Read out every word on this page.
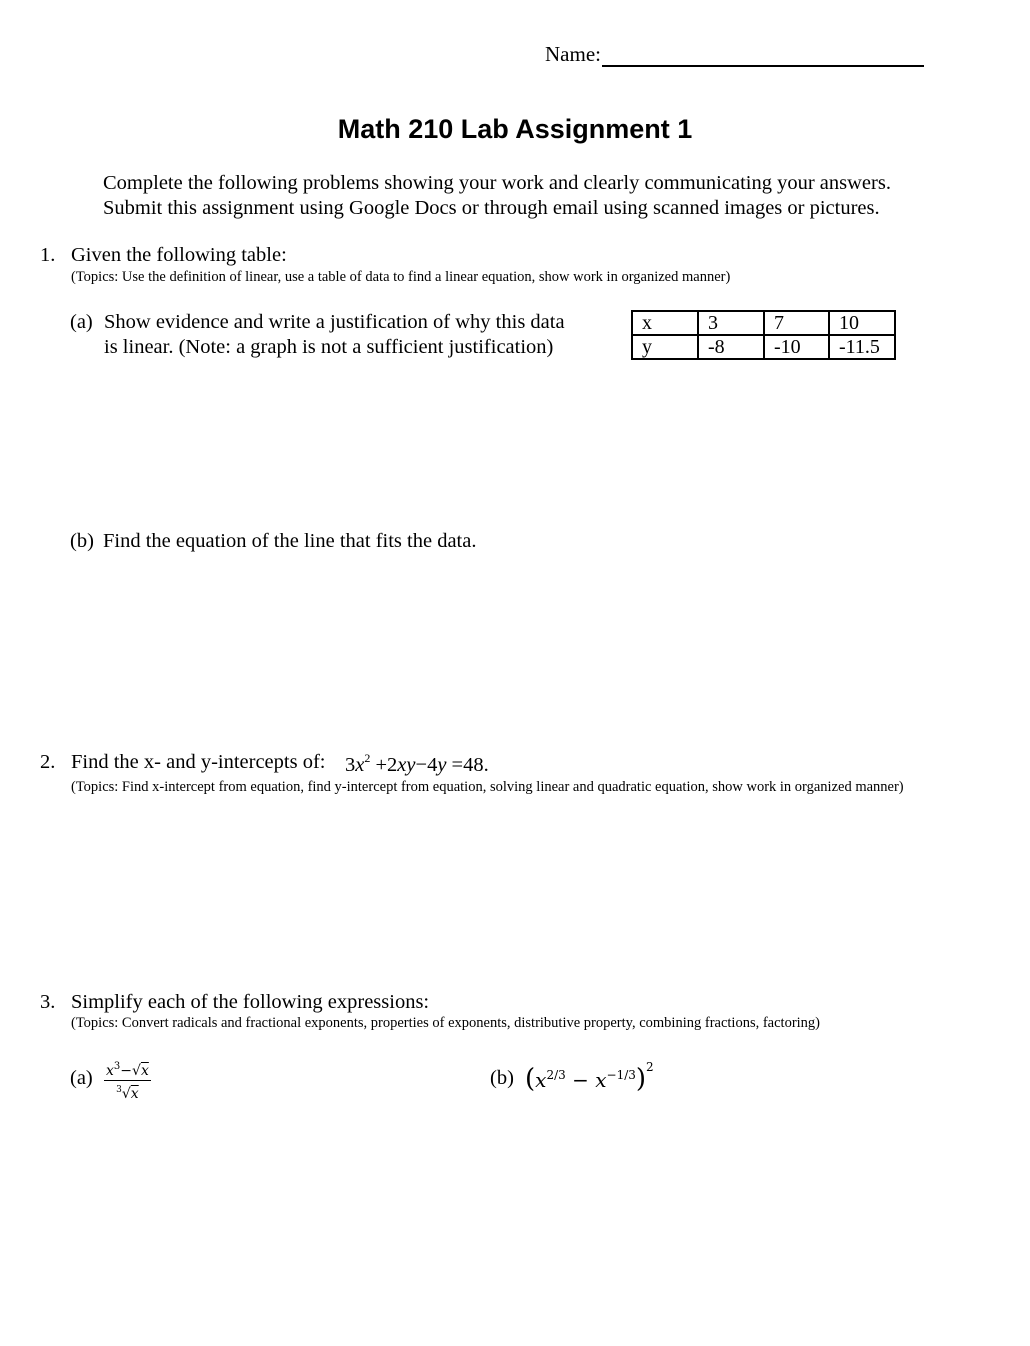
Name:
Math 210 Lab Assignment 1
Complete the following problems showing your work and clearly communicating your answers.
Submit this assignment using Google Docs or through email using scanned images or pictures.
1. Given the following table:
(Topics: Use the definition of linear, use a table of data to find a linear equation, show work in organized manner)
(a) Show evidence and write a justification of why this data
is linear. (Note: a graph is not a sufficient justification)
x	3	7	10
y	-8	-10	-11.5
(b) Find the equation of the line that fits the data.
2. Find the x- and y-intercepts of: $3x^2 +2xy-4y =48$.
(Topics: Find x-intercept from equation, find y-intercept from equation, solving linear and quadratic equation, show work in organized manner)
3. Simplify each of the following expressions:
(Topics: Convert radicals and fractional exponents, properties of exponents, distributive property, combining fractions, factoring)
$(a) \frac{x^3-√x}{^3√x}$	(b) $(x^{2/3} - x^{-1/3})^2$
